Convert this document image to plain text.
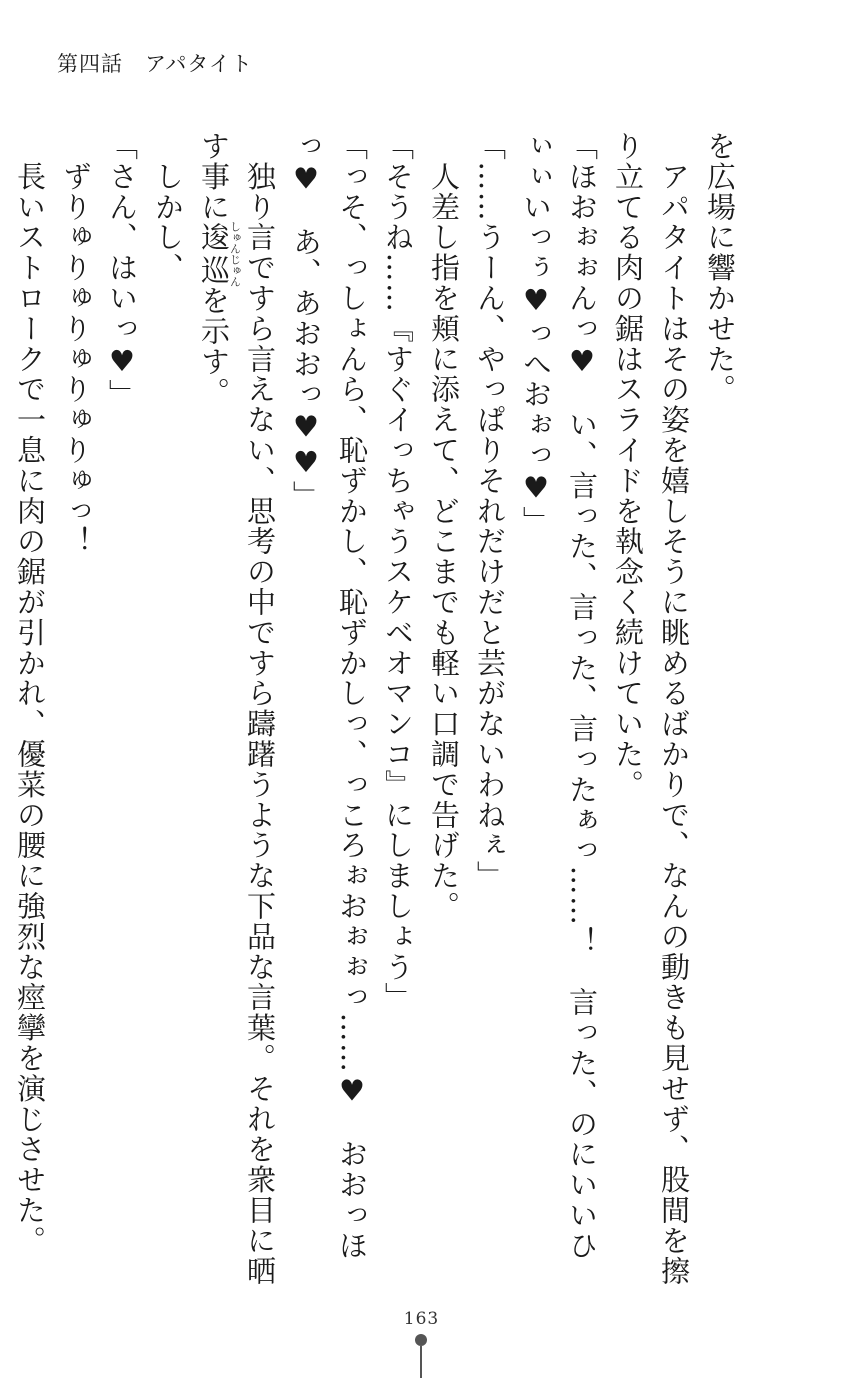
第四話　アパタイト
を広場に響かせた。
　アパタイトはその姿を嬉しそうに眺めるばかりで、なんの動きも見せず、股間を擦り立てる肉の鋸はスライドを執念く続けていた。
「ほおぉぉんっ♥　い、言った、言った、言ったぁっ……！　言った、のにいいひぃぃいっぅ♥っへおぉっ♥」
「……うーん、やっぱりそれだけだと芸がないわねぇ」
　人差し指を頬に添えて、どこまでも軽い口調で告げた。
「そうね……『すぐイっちゃうスケベオマンコ』にしましょう」
「っそ、っしょんら、恥ずかし、恥ずかしっ、っころぉおぉぉっ……♥　おおっほっ♥　あ、あおおっ♥♥」
　独り言ですら言えない、思考の中ですら躊躇うような下品な言葉。それを衆目に晒す事に逡巡しゅんじゅんを示す。
　しかし、
「さん、はいっ♥」
　ずりゅりゅりゅりゅりゅっ！
　長いストロークで一息に肉の鋸が引かれ、優菜の腰に強烈な痙攣を演じさせた。
163
